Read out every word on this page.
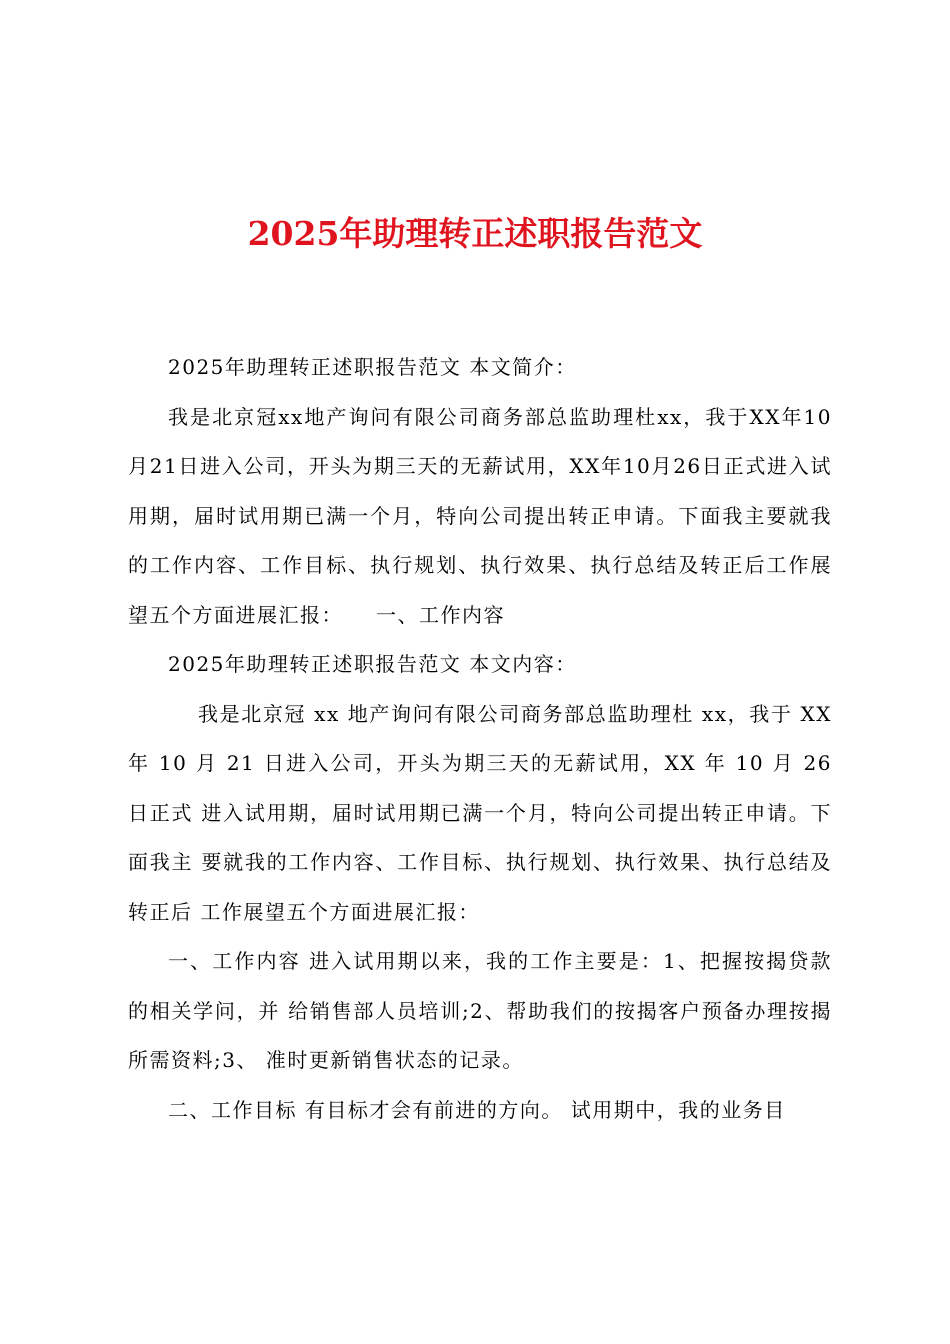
2025年助理转正述职报告范文

2025年助理转正述职报告范文 本文简介：

我是北京冠xx地产询问有限公司商务部总监助理杜xx，我于XX年10月21日进入公司，开头为期三天的无薪试用，XX年10月26日正式进入试用期，届时试用期已满一个月，特向公司提出转正申请。下面我主要就我的工作内容、工作目标、执行规划、执行效果、执行总结及转正后工作展望五个方面进展汇报：　　一、工作内容

2025年助理转正述职报告范文 本文内容：

我是北京冠 xx 地产询问有限公司商务部总监助理杜 xx，我于 XX 年 10 月 21 日进入公司，开头为期三天的无薪试用，XX 年 10 月 26 日正式 进入试用期，届时试用期已满一个月，特向公司提出转正申请。下面我主 要就我的工作内容、工作目标、执行规划、执行效果、执行总结及转正后 工作展望五个方面进展汇报：

一、工作内容 进入试用期以来，我的工作主要是：1、把握按揭贷款的相关学问，并 给销售部人员培训;2、帮助我们的按揭客户预备办理按揭所需资料;3、 准时更新销售状态的记录。

二、工作目标 有目标才会有前进的方向。 试用期中，我的业务目
